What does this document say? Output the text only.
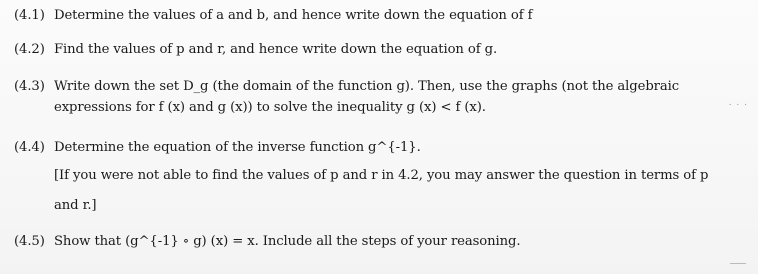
(4.1) Determine the values of a and b, and hence write down the equation of f
(4.2) Find the values of p and r, and hence write down the equation of g.
(4.3) Write down the set D_g (the domain of the function g). Then, use the graphs (not the algebraic
expressions for f (x) and g (x)) to solve the inequality g (x) < f (x).	. . .
(4.4) Determine the equation of the inverse function g^{-1}.
[If you were not able to find the values of p and r in 4.2, you may answer the question in terms of p
and r.]
(4.5) Show that (g^{-1} ∘ g) (x) = x. Include all the steps of your reasoning.
